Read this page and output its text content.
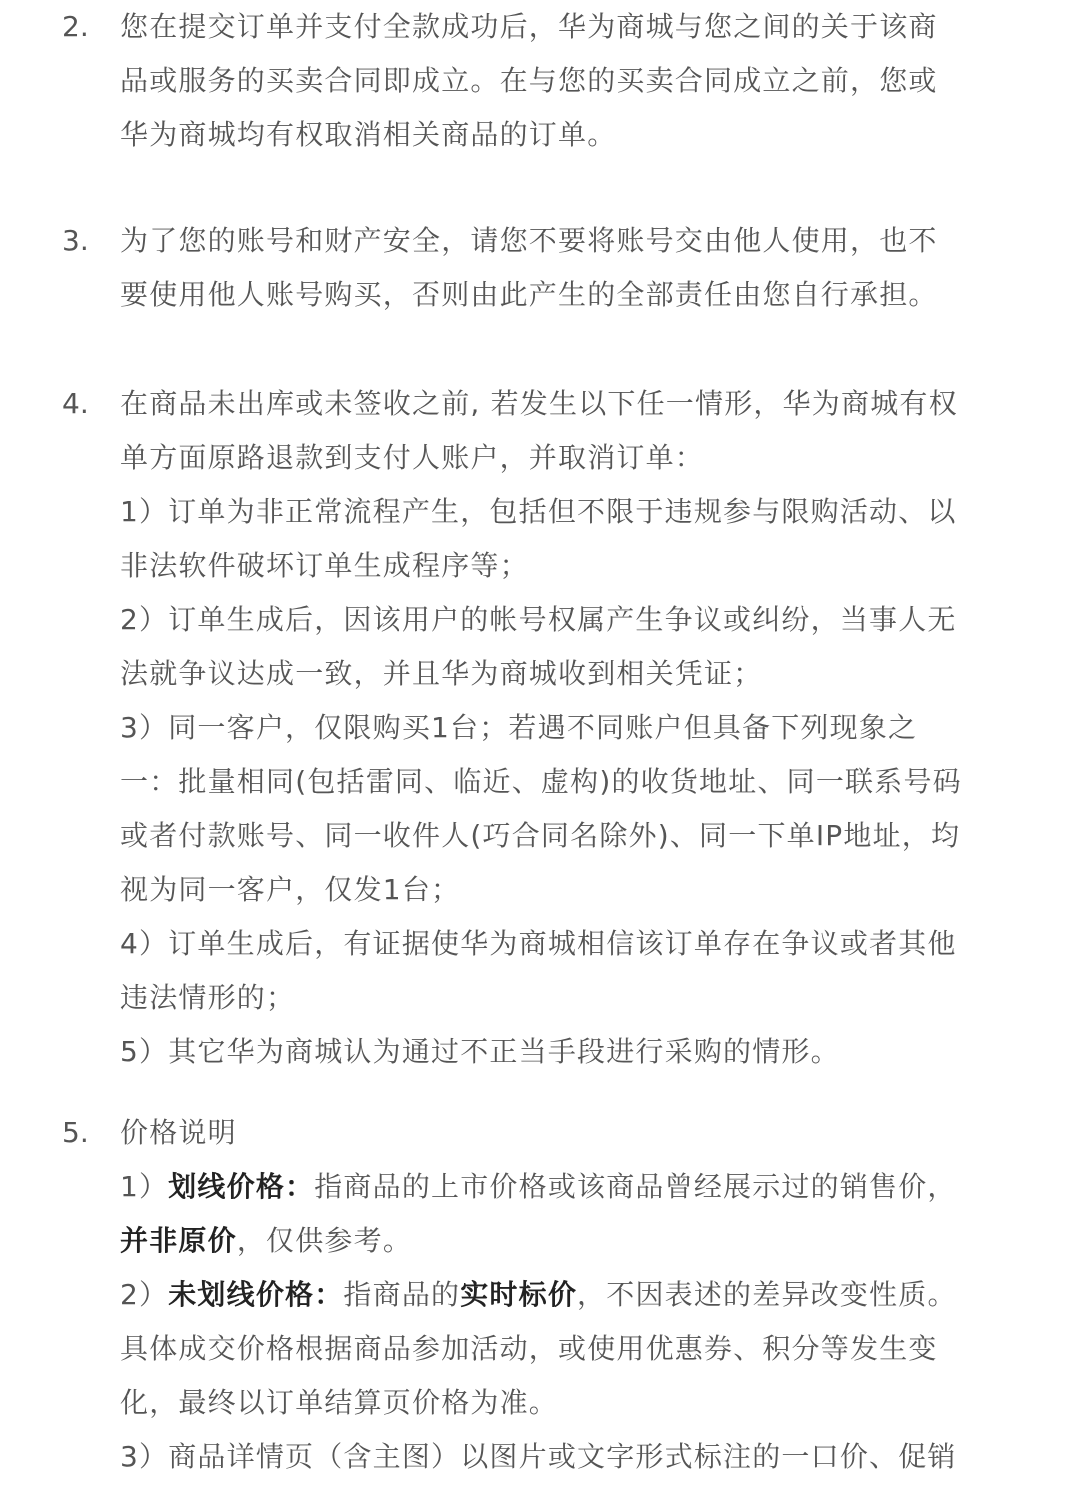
2. 您在提交订单并支付全款成功后，华为商城与您之间的关于该商
品或服务的买卖合同即成立。在与您的买卖合同成立之前，您或
华为商城均有权取消相关商品的订单。
3. 为了您的账号和财产安全，请您不要将账号交由他人使用，也不
要使用他人账号购买，否则由此产生的全部责任由您自行承担。
4. 在商品未出库或未签收之前, 若发生以下任一情形，华为商城有权
单方面原路退款到支付人账户，并取消订单：
1）订单为非正常流程产生，包括但不限于违规参与限购活动、以
非法软件破坏订单生成程序等；
2）订单生成后，因该用户的帐号权属产生争议或纠纷，当事人无
法就争议达成一致，并且华为商城收到相关凭证；
3）同一客户，仅限购买1台；若遇不同账户但具备下列现象之
一：批量相同(包括雷同、临近、虚构)的收货地址、同一联系号码
或者付款账号、同一收件人(巧合同名除外)、同一下单IP地址，均
视为同一客户，仅发1台；
4）订单生成后，有证据使华为商城相信该订单存在争议或者其他
违法情形的；
5）其它华为商城认为通过不正当手段进行采购的情形。
5. 价格说明
1）划线价格：指商品的上市价格或该商品曾经展示过的销售价，
并非原价，仅供参考。
2）未划线价格：指商品的实时标价，不因表述的差异改变性质。
具体成交价格根据商品参加活动，或使用优惠券、积分等发生变
化，最终以订单结算页价格为准。
3）商品详情页（含主图）以图片或文字形式标注的一口价、促销
